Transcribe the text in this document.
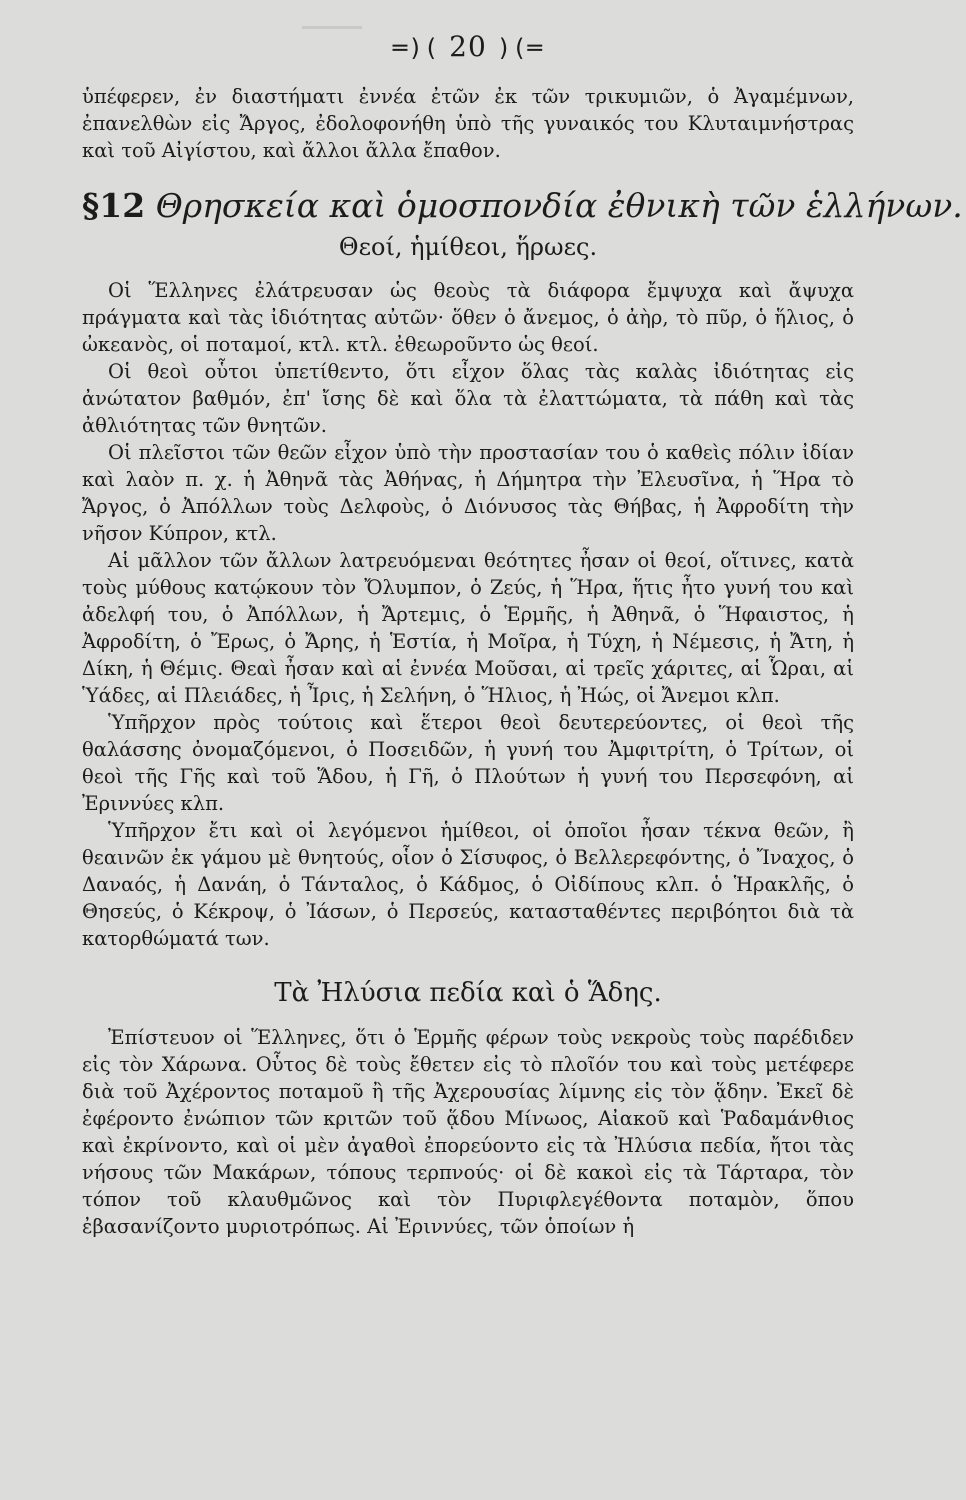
═)( 20 )(═

ὑπέφερεν, ἐν διαστήματι ἐννέα ἐτῶν ἐκ τῶν τρικυμιῶν, ὁ Ἀγαμέμνων, ἐπανελθὼν εἰς Ἄργος, ἐδολοφονήθη ὑπὸ τῆς γυναικός του Κλυταιμνήστρας καὶ τοῦ Αἰγίστου, καὶ ἄλλοι ἄλλα ἔπαθον.

§12 Θρησκεία καὶ ὁμοσπονδία ἐθνικὴ τῶν ἑλλήνων.
Θεοί, ἡμίθεοι, ἥρωες.

Οἱ Ἕλληνες ἐλάτρευσαν ὡς θεοὺς τὰ διάφορα ἔμψυχα καὶ ἄψυχα πράγματα καὶ τὰς ἰδιότητας αὐτῶν· ὅθεν ὁ ἄνεμος, ὁ ἀὴρ, τὸ πῦρ, ὁ ἥλιος, ὁ ὠκεανὸς, οἱ ποταμοί, κτλ. κτλ. ἐθεωροῦντο ὡς θεοί.

Οἱ θεοὶ οὗτοι ὑπετίθεντο, ὅτι εἶχον ὅλας τὰς καλὰς ἰδιότητας εἰς ἀνώτατον βαθμόν, ἐπ' ἴσης δὲ καὶ ὅλα τὰ ἐλαττώματα, τὰ πάθη καὶ τὰς ἀθλιότητας τῶν θνητῶν.

Οἱ πλεῖστοι τῶν θεῶν εἶχον ὑπὸ τὴν προστασίαν του ὁ καθεὶς πόλιν ἰδίαν καὶ λαὸν π. χ. ἡ Ἀθηνᾶ τὰς Ἀθήνας, ἡ Δήμητρα τὴν Ἐλευσῖνα, ἡ Ἥρα τὸ Ἄργος, ὁ Ἀπόλλων τοὺς Δελφοὺς, ὁ Διόνυσος τὰς Θήβας, ἡ Ἀφροδίτη τὴν νῆσον Κύπρον, κτλ.

Αἱ μᾶλλον τῶν ἄλλων λατρευόμεναι θεότητες ἦσαν οἱ θεοί, οἵτινες, κατὰ τοὺς μύθους κατῴκουν τὸν Ὄλυμπον, ὁ Ζεύς, ἡ Ἥρα, ἥτις ἦτο γυνή του καὶ ἀδελφή του, ὁ Ἀπόλλων, ἡ Ἄρτεμις, ὁ Ἑρμῆς, ἡ Ἀθηνᾶ, ὁ Ἥφαιστος, ἡ Ἀφροδίτη, ὁ Ἔρως, ὁ Ἄρης, ἡ Ἑστία, ἡ Μοῖρα, ἡ Τύχη, ἡ Νέμεσις, ἡ Ἄτη, ἡ Δίκη, ἡ Θέμις. Θεαὶ ἦσαν καὶ αἱ ἐννέα Μοῦσαι, αἱ τρεῖς χάριτες, αἱ Ὧραι, αἱ Ὑάδες, αἱ Πλειάδες, ἡ Ἶρις, ἡ Σελήνη, ὁ Ἥλιος, ἡ Ἠώς, οἱ Ἄνεμοι κλπ.

Ὑπῆρχον πρὸς τούτοις καὶ ἕτεροι θεοὶ δευτερεύοντες, οἱ θεοὶ τῆς θαλάσσης ὀνομαζόμενοι, ὁ Ποσειδῶν, ἡ γυνή του Ἀμφιτρίτη, ὁ Τρίτων, οἱ θεοὶ τῆς Γῆς καὶ τοῦ Ἅδου, ἡ Γῆ, ὁ Πλούτων ἡ γυνή του Περσεφόνη, αἱ Ἐριννύες κλπ.

Ὑπῆρχον ἔτι καὶ οἱ λεγόμενοι ἡμίθεοι, οἱ ὁποῖοι ἦσαν τέκνα θεῶν, ἢ θεαινῶν ἐκ γάμου μὲ θνητούς, οἷον ὁ Σίσυφος, ὁ Βελλερεφόντης, ὁ Ἴναχος, ὁ Δαναός, ἡ Δανάη, ὁ Τάνταλος, ὁ Κάδμος, ὁ Οἰδίπους κλπ. ὁ Ἡρακλῆς, ὁ Θησεύς, ὁ Κέκροψ, ὁ Ἰάσων, ὁ Περσεύς, κατασταθέντες περιβόητοι διὰ τὰ κατορθώματά των.

Τὰ Ἠλύσια πεδία καὶ ὁ Ἅδης.

Ἐπίστευον οἱ Ἕλληνες, ὅτι ὁ Ἑρμῆς φέρων τοὺς νεκροὺς τοὺς παρέδιδεν εἰς τὸν Χάρωνα. Οὗτος δὲ τοὺς ἔθετεν εἰς τὸ πλοῖόν του καὶ τοὺς μετέφερε διὰ τοῦ Ἀχέροντος ποταμοῦ ἢ τῆς Ἀχερουσίας λίμνης εἰς τὸν ᾅδην. Ἐκεῖ δὲ ἐφέροντο ἐνώπιον τῶν κριτῶν τοῦ ᾅδου Μίνωος, Αἰακοῦ καὶ Ῥαδαμάνθιος καὶ ἐκρίνοντο, καὶ οἱ μὲν ἀγαθοὶ ἐπορεύοντο εἰς τὰ Ἠλύσια πεδία, ἤτοι τὰς νήσους τῶν Μακάρων, τόπους τερπνούς· οἱ δὲ κακοὶ εἰς τὰ Τάρταρα, τὸν τόπον τοῦ κλαυθμῶνος καὶ τὸν Πυριφλεγέθοντα ποταμὸν, ὅπου ἐβασανίζοντο μυριοτρόπως. Αἱ Ἐριννύες, τῶν ὁποίων ἡ
